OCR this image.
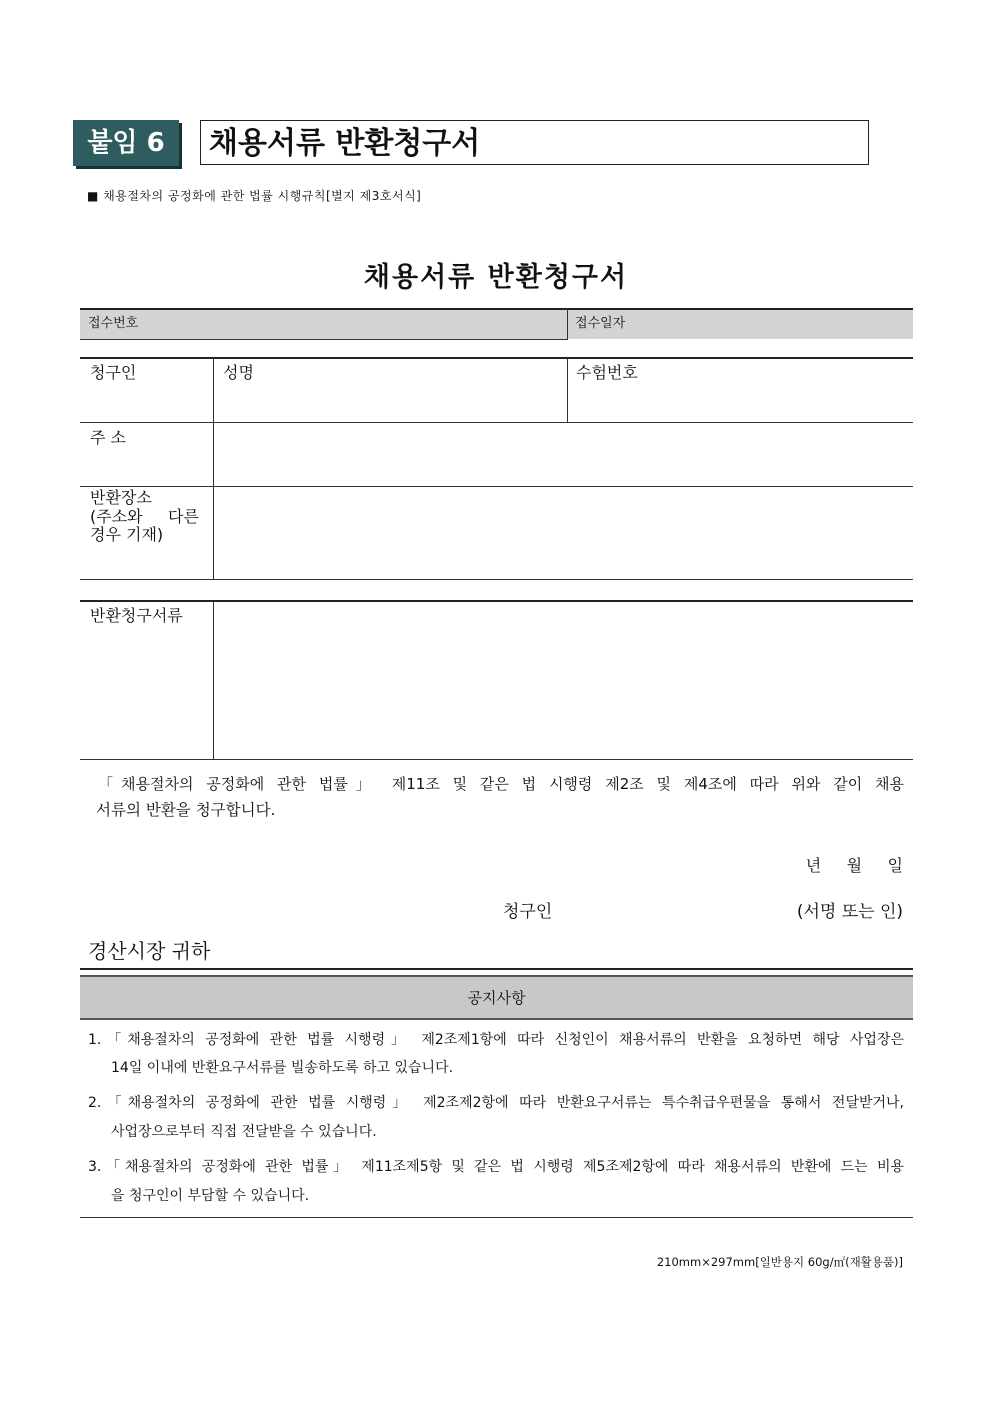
붙임 6	채용서류 반환청구서
■ 채용절차의 공정화에 관한 법률 시행규칙[별지 제3호서식]
채용서류 반환청구서
접수번호	접수일자
청구인	성명	수험번호
주 소
반환장소
(주소와     다른
경우 기재)
반환청구서류
「채용절차의 공정화에 관한 법률」 제11조 및 같은 법 시행령 제2조 및 제4조에 따라 위와 같이 채용
서류의 반환을 청구합니다.
년     월     일
청구인	(서명 또는 인)
경산시장 귀하
공지사항
1.「채용절차의 공정화에 관한 법률 시행령」 제2조제1항에 따라 신청인이 채용서류의 반환을 요청하면 해당 사업장은
14일 이내에 반환요구서류를 빌송하도록 하고 있습니다.
2.「채용절차의 공정화에 관한 법률 시행령」 제2조제2항에 따라 반환요구서류는 특수취급우편물을 통해서 전달받거나,
사업장으로부터 직접 전달받을 수 있습니다.
3.「채용절차의 공정화에 관한 법률」 제11조제5항 및 같은 법 시행령 제5조제2항에 따라 채용서류의 반환에 드는 비용
을 청구인이 부담할 수 있습니다.
210mm×297mm[일반용지 60g/㎡(재활용품)]
